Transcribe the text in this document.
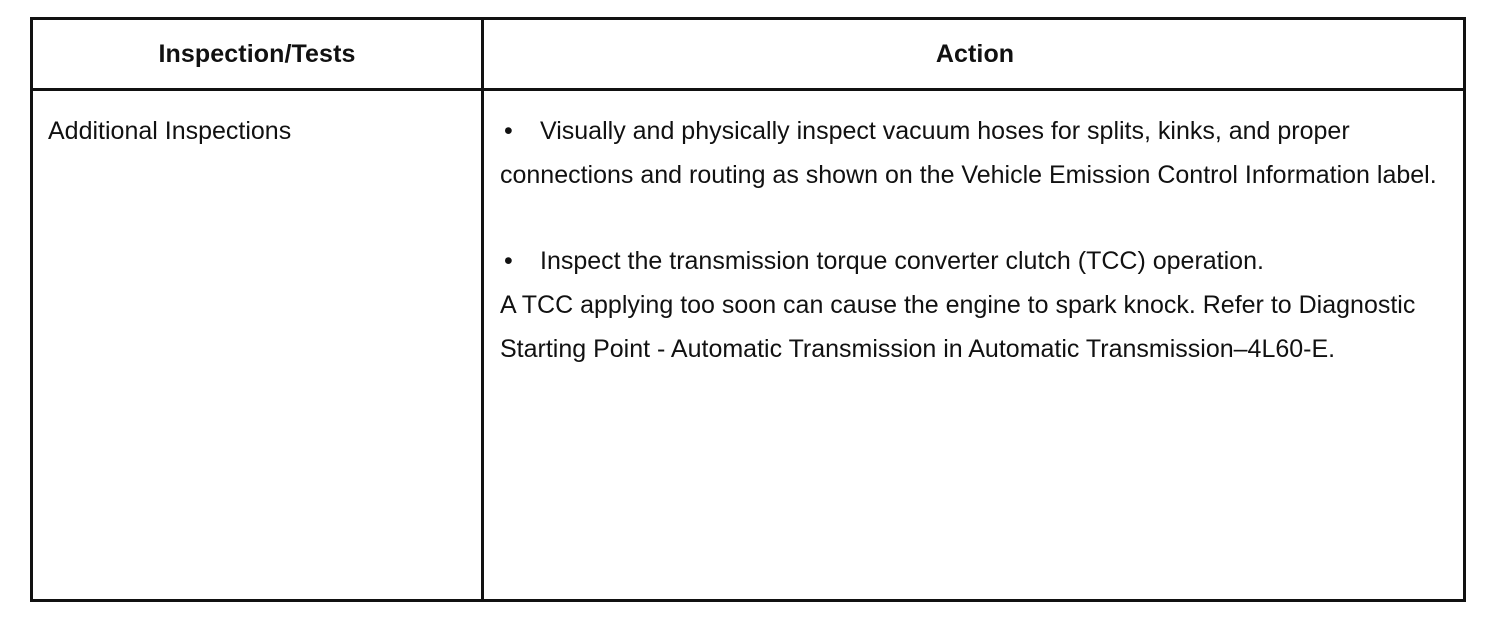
Inspection/Tests	Action
Additional Inspections	• Visually and physically inspect vacuum hoses for splits, kinks, and proper connections and routing as shown on the Vehicle Emission Control Information label.

• Inspect the transmission torque converter clutch (TCC) operation.

A TCC applying too soon can cause the engine to spark knock. Refer to Diagnostic Starting Point - Automatic Transmission in Automatic Transmission–4L60-E.
